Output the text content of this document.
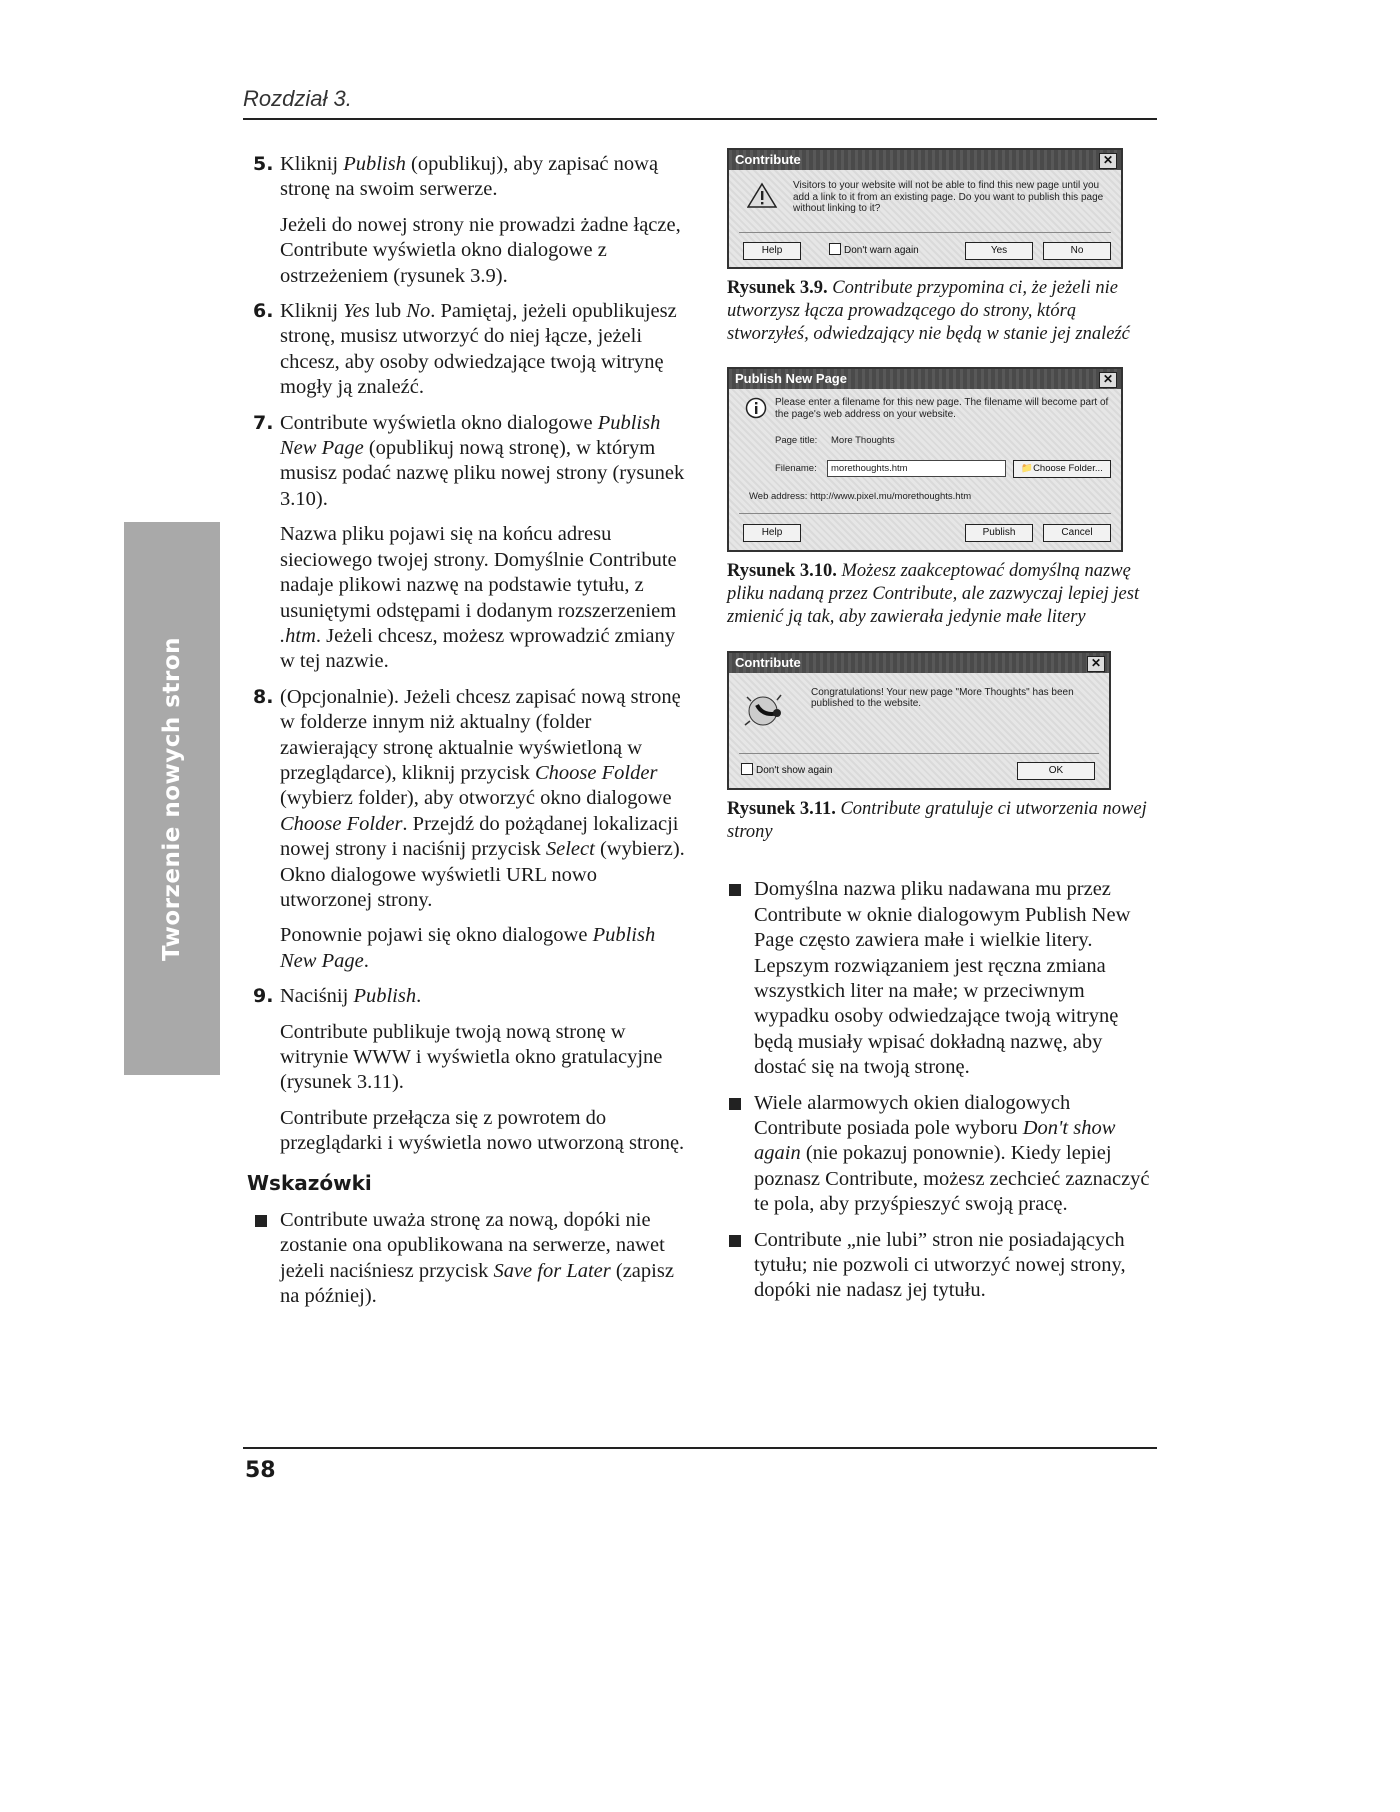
Rozdział 3.
Tworzenie nowych stron
5. Kliknij Publish (opublikuj), aby zapisać nową stronę na swoim serwerze.
Jeżeli do nowej strony nie prowadzi żadne łącze, Contribute wyświetla okno dialogowe z ostrzeżeniem (rysunek 3.9).
6. Kliknij Yes lub No. Pamiętaj, jeżeli opublikujesz stronę, musisz utworzyć do niej łącze, jeżeli chcesz, aby osoby odwiedzające twoją witrynę mogły ją znaleźć.
7. Contribute wyświetla okno dialogowe Publish New Page (opublikuj nową stronę), w którym musisz podać nazwę pliku nowej strony (rysunek 3.10).
Nazwa pliku pojawi się na końcu adresu sieciowego twojej strony. Domyślnie Contribute nadaje plikowi nazwę na podstawie tytułu, z usuniętymi odstępami i dodanym rozszerzeniem .htm. Jeżeli chcesz, możesz wprowadzić zmiany w tej nazwie.
8. (Opcjonalnie). Jeżeli chcesz zapisać nową stronę w folderze innym niż aktualny (folder zawierający stronę aktualnie wyświetloną w przeglądarce), kliknij przycisk Choose Folder (wybierz folder), aby otworzyć okno dialogowe Choose Folder. Przejdź do pożądanej lokalizacji nowej strony i naciśnij przycisk Select (wybierz). Okno dialogowe wyświetli URL nowo utworzonej strony.
Ponownie pojawi się okno dialogowe Publish New Page.
9. Naciśnij Publish.
Contribute publikuje twoją nową stronę w witrynie WWW i wyświetla okno gratulacyjne (rysunek 3.11).
Contribute przełącza się z powrotem do przeglądarki i wyświetla nowo utworzoną stronę.
Wskazówki
Contribute uważa stronę za nową, dopóki nie zostanie ona opublikowana na serwerze, nawet jeżeli naciśniesz przycisk Save for Later (zapisz na później).
Contribute	✕
Visitors to your website will not be able to find this new page until you add a link to it from an existing page. Do you want to publish this page without linking to it?
Help	Don't warn again	Yes	No
Rysunek 3.9. Contribute przypomina ci, że jeżeli nie utworzysz łącza prowadzącego do strony, którą stworzyłeś, odwiedzający nie będą w stanie jej znaleźć
Publish New Page	✕
Please enter a filename for this new page. The filename will become part of the page's web address on your website.
Page title:	More Thoughts
Filename:	morethoughts.htm	📁Choose Folder...
Web address: http://www.pixel.mu/morethoughts.htm
Help	Publish	Cancel
Rysunek 3.10. Możesz zaakceptować domyślną nazwę pliku nadaną przez Contribute, ale zazwyczaj lepiej jest zmienić ją tak, aby zawierała jedynie małe litery
Contribute	✕
Congratulations! Your new page "More Thoughts" has been published to the website.
Don't show again	OK
Rysunek 3.11. Contribute gratuluje ci utworzenia nowej strony
Domyślna nazwa pliku nadawana mu przez Contribute w oknie dialogowym Publish New Page często zawiera małe i wielkie litery. Lepszym rozwiązaniem jest ręczna zmiana wszystkich liter na małe; w przeciwnym wypadku osoby odwiedzające twoją witrynę będą musiały wpisać dokładną nazwę, aby dostać się na twoją stronę.
Wiele alarmowych okien dialogowych Contribute posiada pole wyboru Don't show again (nie pokazuj ponownie). Kiedy lepiej poznasz Contribute, możesz zechcieć zaznaczyć te pola, aby przyśpieszyć swoją pracę.
Contribute „nie lubi” stron nie posiadających tytułu; nie pozwoli ci utworzyć nowej strony, dopóki nie nadasz jej tytułu.
58
